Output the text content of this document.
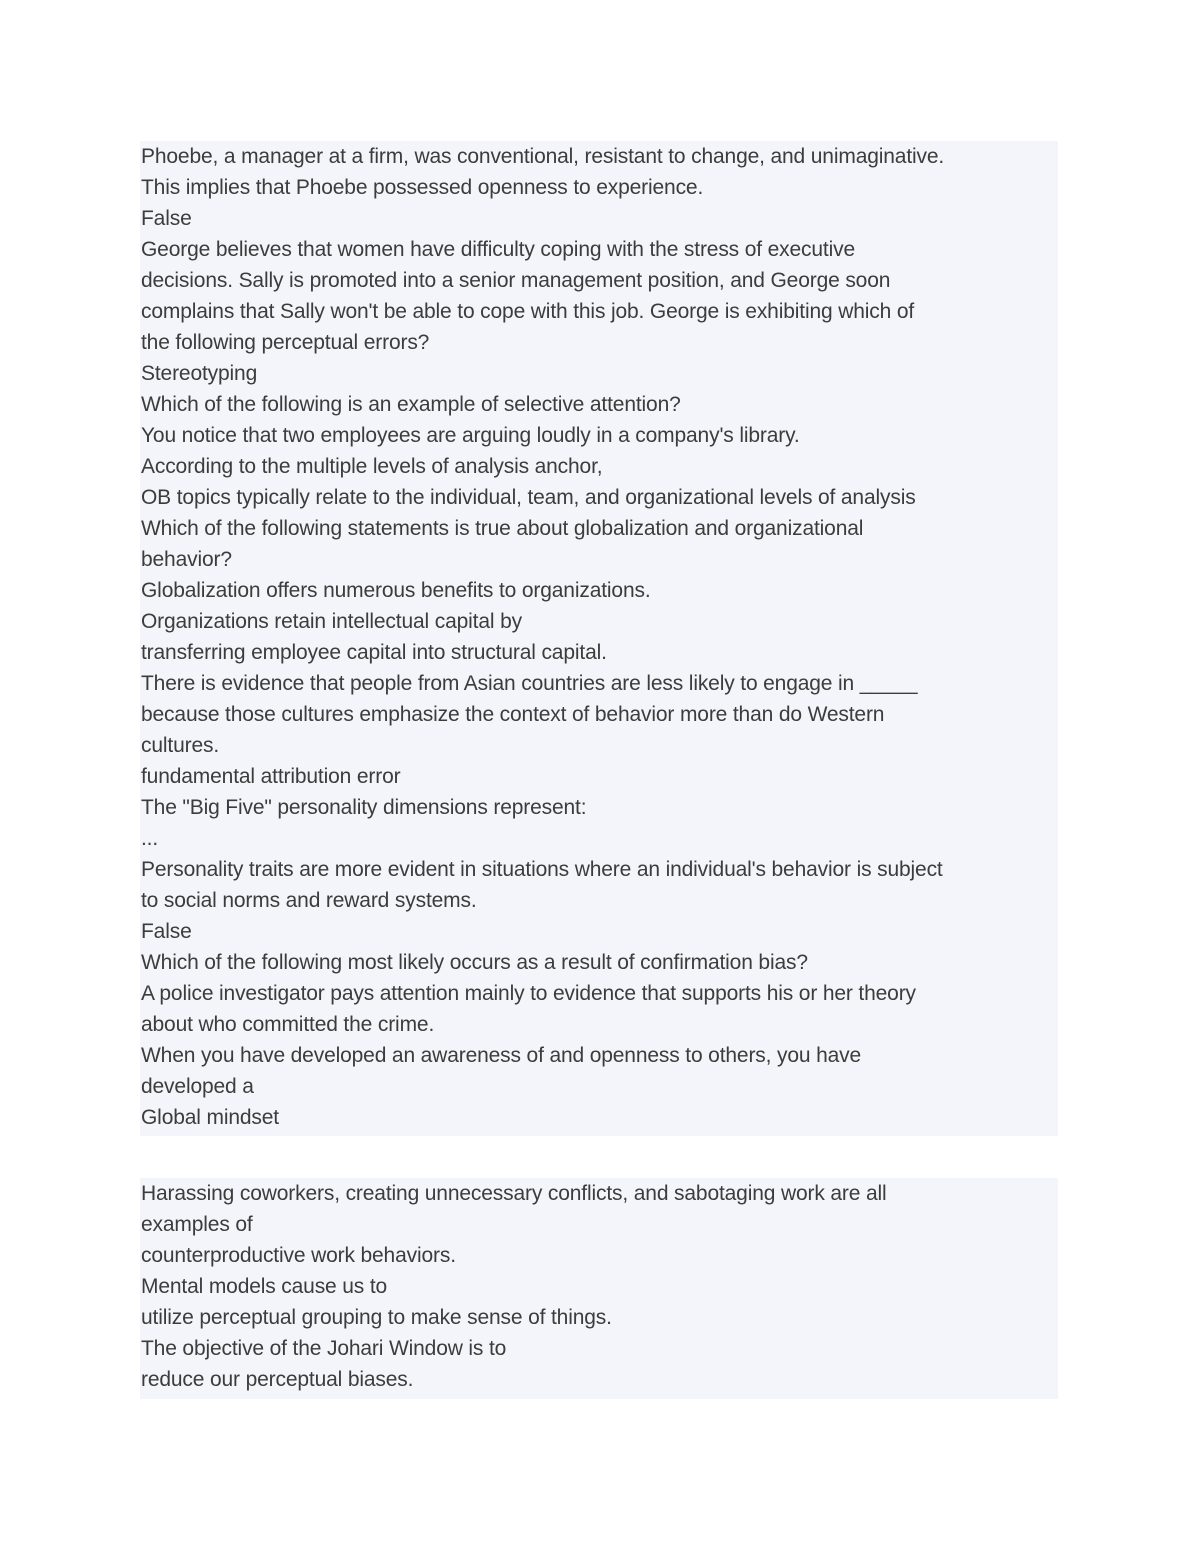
Phoebe, a manager at a firm, was conventional, resistant to change, and unimaginative.
This implies that Phoebe possessed openness to experience.
False
George believes that women have difficulty coping with the stress of executive
decisions. Sally is promoted into a senior management position, and George soon
complains that Sally won't be able to cope with this job. George is exhibiting which of
the following perceptual errors?
Stereotyping
Which of the following is an example of selective attention?
You notice that two employees are arguing loudly in a company's library.
According to the multiple levels of analysis anchor,
OB topics typically relate to the individual, team, and organizational levels of analysis
Which of the following statements is true about globalization and organizational
behavior?
Globalization offers numerous benefits to organizations.
Organizations retain intellectual capital by
transferring employee capital into structural capital.
There is evidence that people from Asian countries are less likely to engage in _____
because those cultures emphasize the context of behavior more than do Western
cultures.
fundamental attribution error
The "Big Five" personality dimensions represent:
...
Personality traits are more evident in situations where an individual's behavior is subject
to social norms and reward systems.
False
Which of the following most likely occurs as a result of confirmation bias?
A police investigator pays attention mainly to evidence that supports his or her theory
about who committed the crime.
When you have developed an awareness of and openness to others, you have
developed a
Global mindset
Harassing coworkers, creating unnecessary conflicts, and sabotaging work are all
examples of
counterproductive work behaviors.
Mental models cause us to
utilize perceptual grouping to make sense of things.
The objective of the Johari Window is to
reduce our perceptual biases.
